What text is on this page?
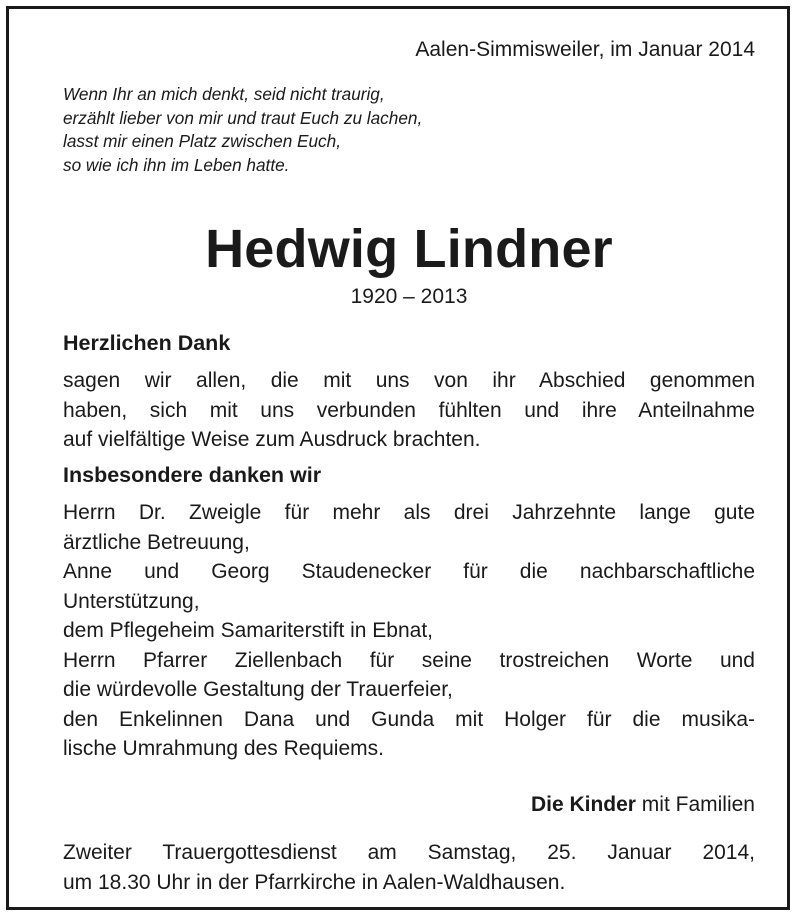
Aalen-Simmisweiler, im Januar 2014
Wenn Ihr an mich denkt, seid nicht traurig,
erzählt lieber von mir und traut Euch zu lachen,
lasst mir einen Platz zwischen Euch,
so wie ich ihn im Leben hatte.
Hedwig Lindner
1920 – 2013
Herzlichen Dank
sagen wir allen, die mit uns von ihr Abschied genommen
haben, sich mit uns verbunden fühlten und ihre Anteilnahme
auf vielfältige Weise zum Ausdruck brachten.
Insbesondere danken wir
Herrn Dr. Zweigle für mehr als drei Jahrzehnte lange gute
ärztliche Betreuung,
Anne und Georg Staudenecker für die nachbarschaftliche
Unterstützung,
dem Pflegeheim Samariterstift in Ebnat,
Herrn Pfarrer Ziellenbach für seine trostreichen Worte und
die würdevolle Gestaltung der Trauerfeier,
den Enkelinnen Dana und Gunda mit Holger für die musika-
lische Umrahmung des Requiems.
Die Kinder mit Familien
Zweiter Trauergottesdienst am Samstag, 25. Januar 2014,
um 18.30 Uhr in der Pfarrkirche in Aalen-Waldhausen.
